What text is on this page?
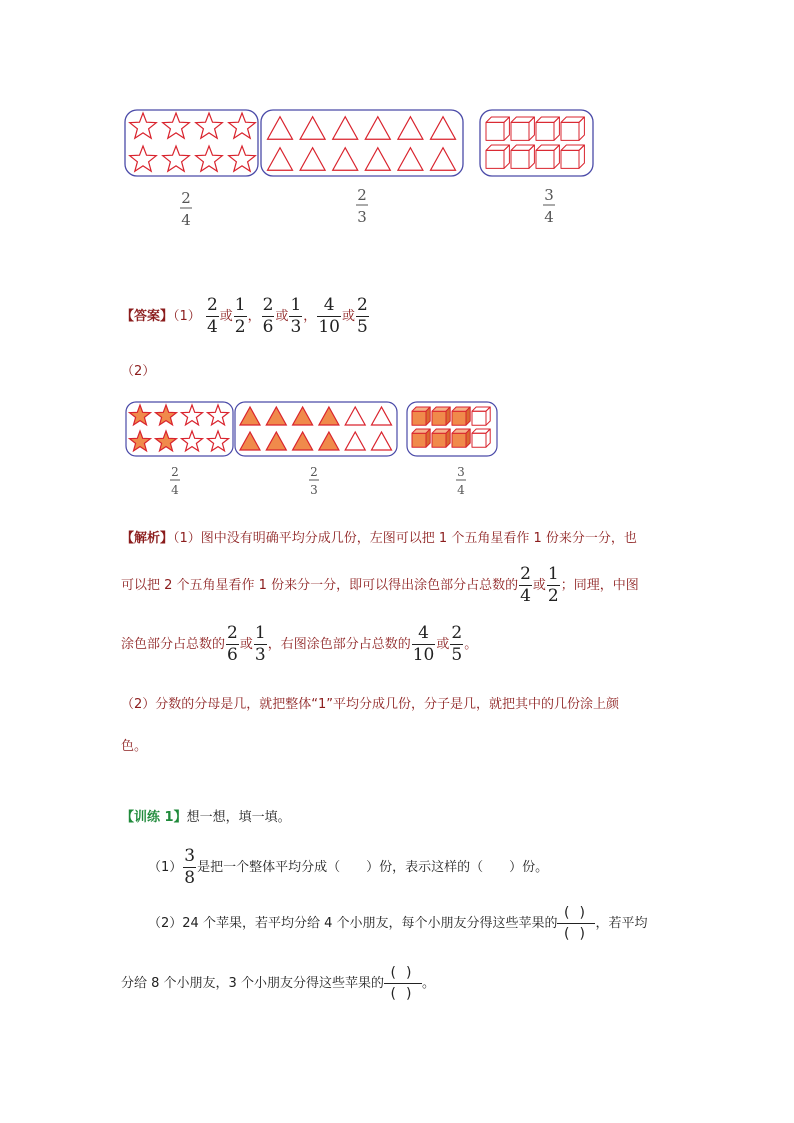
2
4
2
3
3
4
【答案】$(1) \frac{2}{4}$ 或 $\frac{1}{2}$ ， $\frac{2}{6}$ 或 $\frac{1}{3}$ ， $\frac{4}{10}$ 或 $\frac{2}{5}$
（2）
2
4
2
3
3
4
【解析】（1）图中没有明确平均分成几份，左图可以把 1 个五角星看作 1 份来分一分，也
可以把 2 个五角星看作 1 份来分一分，即可以得出涂色部分占总数的 $\frac{2}{4}$ 或 $\frac{1}{2}$ ；同理，中图
涂色部分占总数的 $\frac{2}{6}$ 或 $\frac{1}{3}$ ，右图涂色部分占总数的 $\frac{4}{10}$ 或 $\frac{2}{5}$ 。
（2）分数的分母是几，就把整体“1”平均分成几份，分子是几，就把其中的几份涂上颜
色。
【训练 1】想一想，填一填。
$(1) \frac{3}{8}$ 是把一个整体平均分成（　　）份，表示这样的（　　）份。
（2）24 个苹果，若平均分给 4 个小朋友，每个小朋友分得这些苹果的 $\frac{()}{()}$ ，若平均
分给 8 个小朋友，3 个小朋友分得这些苹果的 $\frac{()}{()}$ 。
